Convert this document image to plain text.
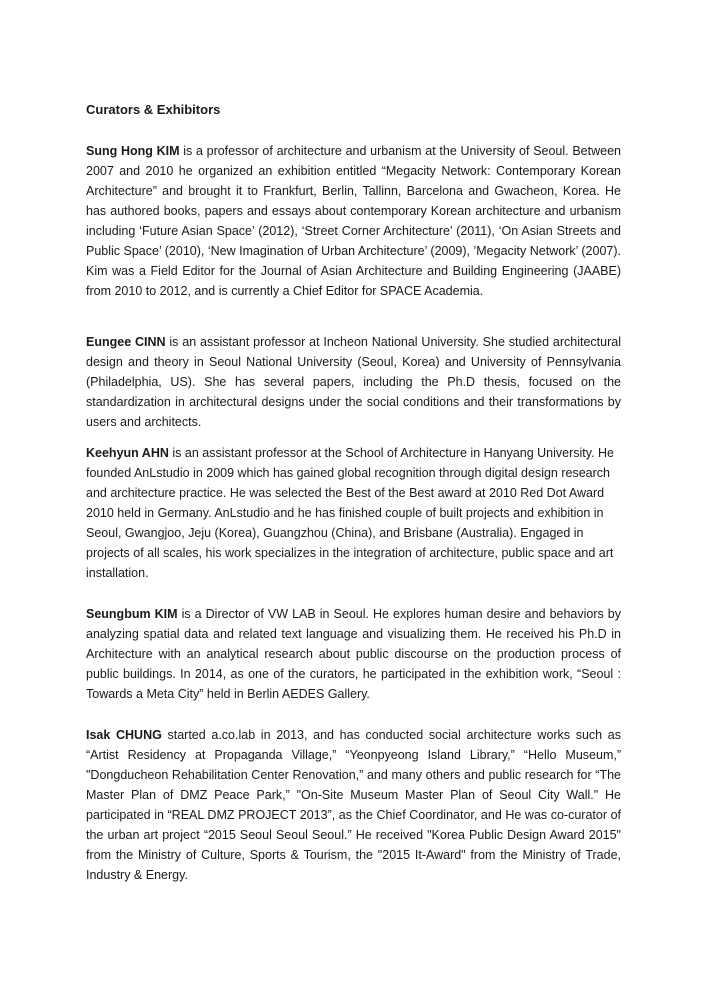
Curators & Exhibitors

Sung Hong KIM is a professor of architecture and urbanism at the University of Seoul. Between 2007 and 2010 he organized an exhibition entitled “Megacity Network: Contemporary Korean Architecture” and brought it to Frankfurt, Berlin, Tallinn, Barcelona and Gwacheon, Korea. He has authored books, papers and essays about contemporary Korean architecture and urbanism including ‘Future Asian Space’ (2012), ‘Street Corner Architecture’ (2011), ‘On Asian Streets and Public Space’ (2010), ‘New Imagination of Urban Architecture’ (2009), ’Megacity Network’ (2007). Kim was a Field Editor for the Journal of Asian Architecture and Building Engineering (JAABE) from 2010 to 2012, and is currently a Chief Editor for SPACE Academia.

Eungee CINN is an assistant professor at Incheon National University. She studied architectural design and theory in Seoul National University (Seoul, Korea) and University of Pennsylvania (Philadelphia, US). She has several papers, including the Ph.D thesis, focused on the standardization in architectural designs under the social conditions and their transformations by users and architects.

Keehyun AHN is an assistant professor at the School of Architecture in Hanyang University. He founded AnLstudio in 2009 which has gained global recognition through digital design research and architecture practice. He was selected the Best of the Best award at 2010 Red Dot Award 2010 held in Germany. AnLstudio and he has finished couple of built projects and exhibition in Seoul, Gwangjoo, Jeju (Korea), Guangzhou (China), and Brisbane (Australia). Engaged in projects of all scales, his work specializes in the integration of architecture, public space and art installation.

Seungbum KIM is a Director of VW LAB in Seoul. He explores human desire and behaviors by analyzing spatial data and related text language and visualizing them. He received his Ph.D in Architecture with an analytical research about public discourse on the production process of public buildings. In 2014, as one of the curators, he participated in the exhibition work, “Seoul : Towards a Meta City” held in Berlin AEDES Gallery.

Isak CHUNG started a.co.lab in 2013, and has conducted social architecture works such as “Artist Residency at Propaganda Village,” “Yeonpyeong Island Library,” “Hello Museum,” "Dongducheon Rehabilitation Center Renovation,” and many others and public research for “The Master Plan of DMZ Peace Park,” "On-Site Museum Master Plan of Seoul City Wall." He participated in “REAL DMZ PROJECT 2013”, as the Chief Coordinator, and He was co-curator of the urban art project “2015 Seoul Seoul Seoul.” He received "Korea Public Design Award 2015" from the Ministry of Culture, Sports & Tourism, the "2015 It-Award" from the Ministry of Trade, Industry & Energy.
